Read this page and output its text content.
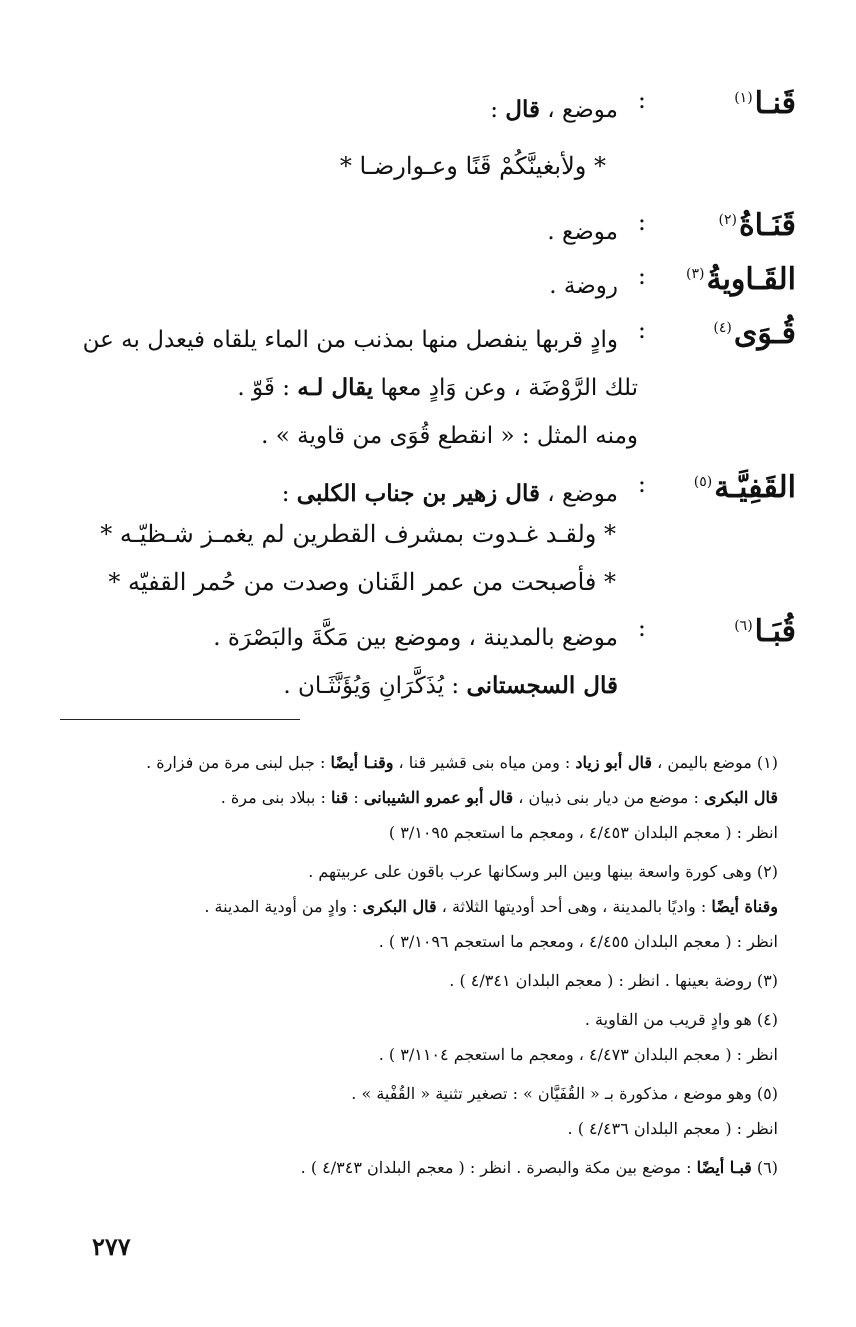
قَنـا$^{(١)}$
:
موضع ، قال :
* ولأبغينَّكُمْ قَنًا وعـوارضـا *
قَنَـاةُ$^{(٢)}$
:
موضع .
القَـاويةُ$^{(٣)}$
:
روضة .
قُـوَى$^{(٤)}$
:
وادٍ قربها ينفصل منها بمذنب من الماء يلقاه فيعدل به عن
تلك الرَّوْضَة ، وعن وَادٍ معها يقال لـه : قَوّ .
ومنه المثل : « انقطع قُوَى من قاوية » .
القَفِيَّـة$^{(٥)}$
:
موضع ، قال زهير بن جناب الكلبى :
* ولقـد غـدوت بمشرف القطرين لم يغمـز شـظيّـه *
* فأصبحت من عمر القَنان وصدت من حُمر القفيّه *
قُبَـا$^{(٦)}$
:
موضع بالمدينة ، وموضع بين مَكَّةَ والبَصْرَة .
قال السجستانى : يُذَكَّرَانِ وَيُؤَنَّثَـان .
(١) موضع باليمن ، قال أبو زياد : ومن مياه بنى قشير قنا ، وقنـا أيضًا : جبل لبنى مرة من فزارة .
قال البكرى : موضع من ديار بنى ذبيان ، قال أبو عمرو الشيبانى : قنا : ببلاد بنى مرة .
انظر : ( معجم البلدان ٤/٤٥٣ ، ومعجم ما استعجم ٣/١٠٩٥ )
(٢) وهى كورة واسعة بينها وبين البر وسكانها عرب باقون على عربيتهم .
وقناة أيضًا : واديًا بالمدينة ، وهى أحد أوديتها الثلاثة ، قال البكرى : وادٍ من أودية المدينة .
انظر : ( معجم البلدان ٤/٤٥٥ ، ومعجم ما استعجم ٣/١٠٩٦ ) .
(٣) روضة بعينها . انظر : ( معجم البلدان ٤/٣٤١ ) .
(٤) هو وادٍ قريب من القاوية .
انظر : ( معجم البلدان ٤/٤٧٣ ، ومعجم ما استعجم ٣/١١٠٤ ) .
(٥) وهو موضع ، مذكورة بـ « القُفَيَّان » : تصغير تثنية « القُفْية » .
انظر : ( معجم البلدان ٤/٤٣٦ ) .
(٦) قبـا أيضًا : موضع بين مكة والبصرة . انظر : ( معجم البلدان ٤/٣٤٣ ) .
٢٧٧
